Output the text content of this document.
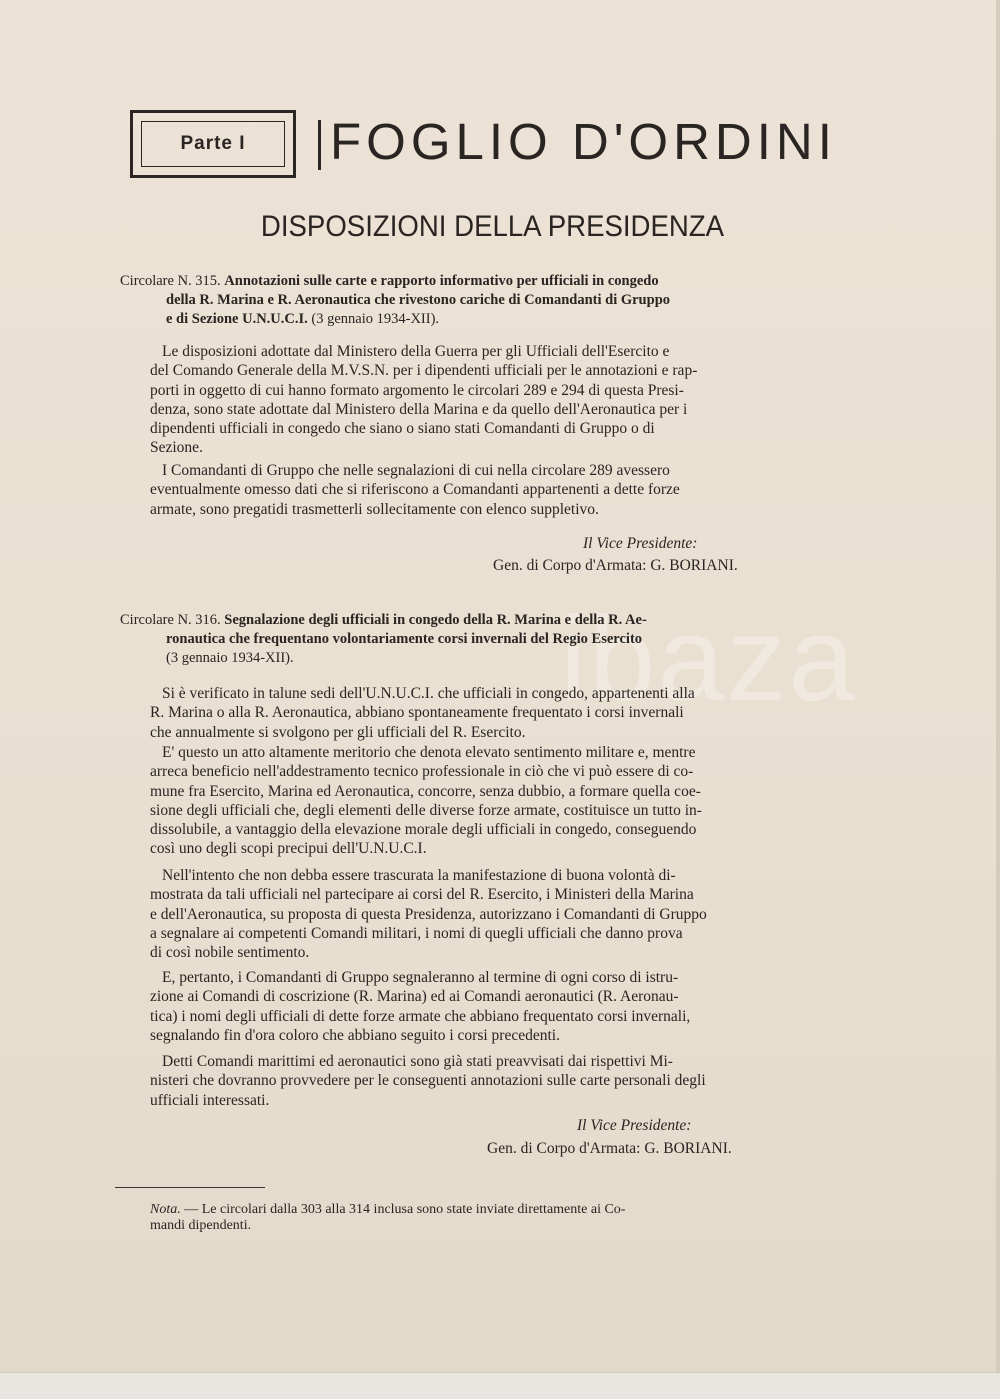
ibaza
Parte I FOGLIO D'ORDINI
DISPOSIZIONI DELLA PRESIDENZA
Circolare N. 315. Annotazioni sulle carte e rapporto informativo per ufficiali in congedo
della R. Marina e R. Aeronautica che rivestono cariche di Comandanti di Gruppo
e di Sezione U.N.U.C.I. (3 gennaio 1934-XII).
Le disposizioni adottate dal Ministero della Guerra per gli Ufficiali dell'Esercito e
del Comando Generale della M.V.S.N. per i dipendenti ufficiali per le annotazioni e rap-
porti in oggetto di cui hanno formato argomento le circolari 289 e 294 di questa Presi-
denza, sono state adottate dal Ministero della Marina e da quello dell'Aeronautica per i
dipendenti ufficiali in congedo che siano o siano stati Comandanti di Gruppo o di
Sezione.
I Comandanti di Gruppo che nelle segnalazioni di cui nella circolare 289 avessero
eventualmente omesso dati che si riferiscono a Comandanti appartenenti a dette forze
armate, sono pregatidi trasmetterli sollecitamente con elenco suppletivo.
Il Vice Presidente:
Gen. di Corpo d'Armata: G. BORIANI.
Circolare N. 316. Segnalazione degli ufficiali in congedo della R. Marina e della R. Ae-
ronautica che frequentano volontariamente corsi invernali del Regio Esercito
(3 gennaio 1934-XII).
Si è verificato in talune sedi dell'U.N.U.C.I. che ufficiali in congedo, appartenenti alla
R. Marina o alla R. Aeronautica, abbiano spontaneamente frequentato i corsi invernali
che annualmente si svolgono per gli ufficiali del R. Esercito.
E' questo un atto altamente meritorio che denota elevato sentimento militare e, mentre
arreca beneficio nell'addestramento tecnico professionale in ciò che vi può essere di co-
mune fra Esercito, Marina ed Aeronautica, concorre, senza dubbio, a formare quella coe-
sione degli ufficiali che, degli elementi delle diverse forze armate, costituisce un tutto in-
dissolubile, a vantaggio della elevazione morale degli ufficiali in congedo, conseguendo
così uno degli scopi precipui dell'U.N.U.C.I.
Nell'intento che non debba essere trascurata la manifestazione di buona volontà di-
mostrata da tali ufficiali nel partecipare ai corsi del R. Esercito, i Ministeri della Marina
e dell'Aeronautica, su proposta di questa Presidenza, autorizzano i Comandanti di Gruppo
a segnalare ai competenti Comandi militari, i nomi di quegli ufficiali che danno prova
di così nobile sentimento.
E, pertanto, i Comandanti di Gruppo segnaleranno al termine di ogni corso di istru-
zione ai Comandi di coscrizione (R. Marina) ed ai Comandi aeronautici (R. Aeronau-
tica) i nomi degli ufficiali di dette forze armate che abbiano frequentato corsi invernali,
segnalando fin d'ora coloro che abbiano seguito i corsi precedenti.
Detti Comandi marittimi ed aeronautici sono già stati preavvisati dai rispettivi Mi-
nisteri che dovranno provvedere per le conseguenti annotazioni sulle carte personali degli
ufficiali interessati.
Il Vice Presidente:
Gen. di Corpo d'Armata: G. BORIANI.
Nota. — Le circolari dalla 303 alla 314 inclusa sono state inviate direttamente ai Co-
mandi dipendenti.
